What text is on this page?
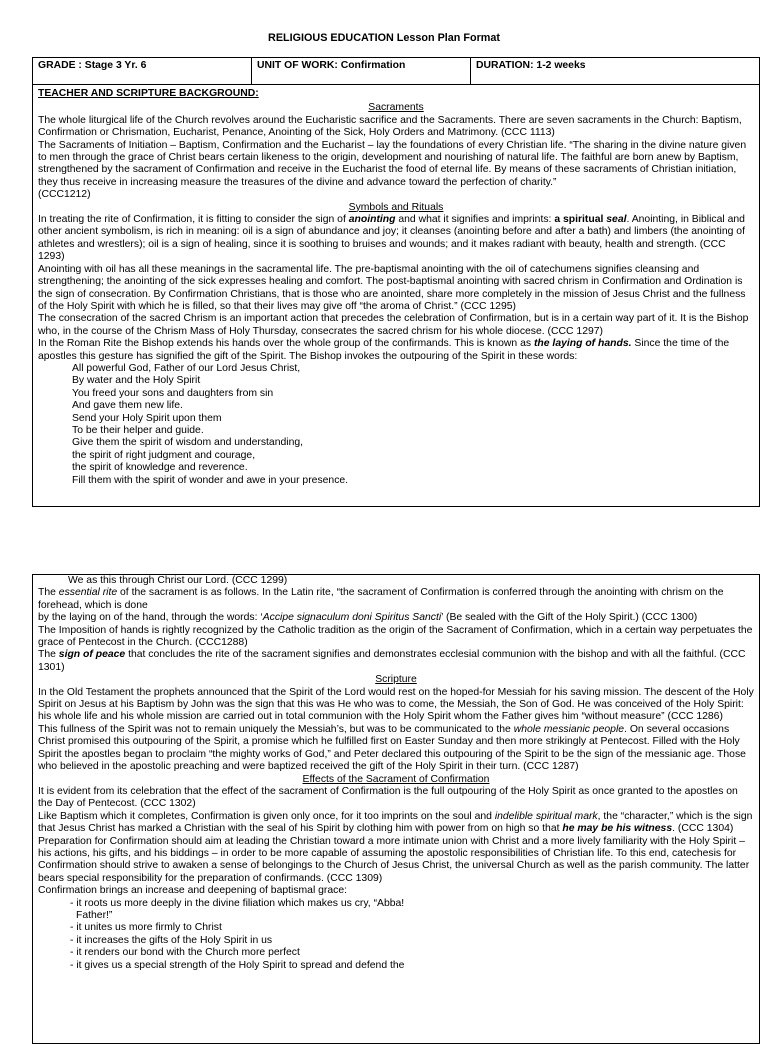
RELIGIOUS EDUCATION Lesson Plan Format
GRADE : Stage 3 Yr. 6	UNIT OF WORK: Confirmation	DURATION: 1-2 weeks
TEACHER AND SCRIPTURE BACKGROUND:
Sacraments

The whole liturgical life of the Church revolves around the Eucharistic sacrifice and the Sacraments. There are seven sacraments in the Church: Baptism, Confirmation or Chrismation, Eucharist, Penance, Anointing of the Sick, Holy Orders and Matrimony. (CCC 1113)

The Sacraments of Initiation – Baptism, Confirmation and the Eucharist – lay the foundations of every Christian life. “The sharing in the divine nature given to men through the grace of Christ bears certain likeness to the origin, development and nourishing of natural life. The faithful are born anew by Baptism, strengthened by the sacrament of Confirmation and receive in the Eucharist the food of eternal life. By means of these sacraments of Christian initiation, they thus receive in increasing measure the treasures of the divine and advance toward the perfection of charity.”

(CCC1212)

Symbols and Rituals

In treating the rite of Confirmation, it is fitting to consider the sign of anointing and what it signifies and imprints: a spiritual seal. Anointing, in Biblical and other ancient symbolism, is rich in meaning: oil is a sign of abundance and joy; it cleanses (anointing before and after a bath) and limbers (the anointing of athletes and wrestlers); oil is a sign of healing, since it is soothing to bruises and wounds; and it makes radiant with beauty, health and strength. (CCC 1293)

Anointing with oil has all these meanings in the sacramental life. The pre-baptismal anointing with the oil of catechumens signifies cleansing and strengthening; the anointing of the sick expresses healing and comfort. The post-baptismal anointing with sacred chrism in Confirmation and Ordination is the sign of consecration. By Confirmation Christians, that is those who are anointed, share more completely in the mission of Jesus Christ and the fullness of the Holy Spirit with which he is filled, so that their lives may give off “the aroma of Christ.” (CCC 1295)

The consecration of the sacred Chrism is an important action that precedes the celebration of Confirmation, but is in a certain way part of it. It is the Bishop who, in the course of the Chrism Mass of Holy Thursday, consecrates the sacred chrism for his whole diocese. (CCC 1297)

In the Roman Rite the Bishop extends his hands over the whole group of the confirmands. This is known as the laying of hands. Since the time of the apostles this gesture has signified the gift of the Spirit. The Bishop invokes the outpouring of the Spirit in these words:

All powerful God, Father of our Lord Jesus Christ,
By water and the Holy Spirit
You freed your sons and daughters from sin
And gave them new life.
Send your Holy Spirit upon them
To be their helper and guide.
Give them the spirit of wisdom and understanding,
the spirit of right judgment and courage,
the spirit of knowledge and reverence.
Fill them with the spirit of wonder and awe in your presence.
We as this through Christ our Lord. (CCC 1299)

The essential rite of the sacrament is as follows. In the Latin rite, “the sacrament of Confirmation is conferred through the anointing with chrism on the forehead, which is done

by the laying on of the hand, through the words: ‘Accipe signaculum doni Spiritus Sancti’ (Be sealed with the Gift of the Holy Spirit.) (CCC 1300)

The Imposition of hands is rightly recognized by the Catholic tradition as the origin of the Sacrament of Confirmation, which in a certain way perpetuates the grace of Pentecost in the Church. (CCC1288)

The sign of peace that concludes the rite of the sacrament signifies and demonstrates ecclesial communion with the bishop and with all the faithful. (CCC 1301)

Scripture

In the Old Testament the prophets announced that the Spirit of the Lord would rest on the hoped-for Messiah for his saving mission. The descent of the Holy Spirit on Jesus at his Baptism by John was the sign that this was He who was to come, the Messiah, the Son of God. He was conceived of the Holy Spirit: his whole life and his whole mission are carried out in total communion with the Holy Spirit whom the Father gives him “without measure” (CCC 1286)

This fullness of the Spirit was not to remain uniquely the Messiah’s, but was to be communicated to the whole messianic people. On several occasions Christ promised this outpouring of the Spirit, a promise which he fulfilled first on Easter Sunday and then more strikingly at Pentecost. Filled with the Holy Spirit the apostles began to proclaim “the mighty works of God,” and Peter declared this outpouring of the Spirit to be the sign of the messianic age. Those who believed in the apostolic preaching and were baptized received the gift of the Holy Spirit in their turn. (CCC 1287)

Effects of the Sacrament of Confirmation

It is evident from its celebration that the effect of the sacrament of Confirmation is the full outpouring of the Holy Spirit as once granted to the apostles on the Day of Pentecost. (CCC 1302)

Like Baptism which it completes, Confirmation is given only once, for it too imprints on the soul and indelible spiritual mark, the “character,” which is the sign that Jesus Christ has marked a Christian with the seal of his Spirit by clothing him with power from on high so that he may be his witness. (CCC 1304)

Preparation for Confirmation should aim at leading the Christian toward a more intimate union with Christ and a more lively familiarity with the Holy Spirit – his actions, his gifts, and his biddings – in order to be more capable of assuming the apostolic responsibilities of Christian life. To this end, catechesis for Confirmation should strive to awaken a sense of belongings to the Church of Jesus Christ, the universal Church as well as the parish community. The latter bears special responsibility for the preparation of confirmands. (CCC 1309)

Confirmation brings an increase and deepening of baptismal grace:

- it roots us more deeply in the divine filiation which makes us cry, “Abba!
Father!”
- it unites us more firmly to Christ
- it increases the gifts of the Holy Spirit in us
- it renders our bond with the Church more perfect
- it gives us a special strength of the Holy Spirit to spread and defend the
